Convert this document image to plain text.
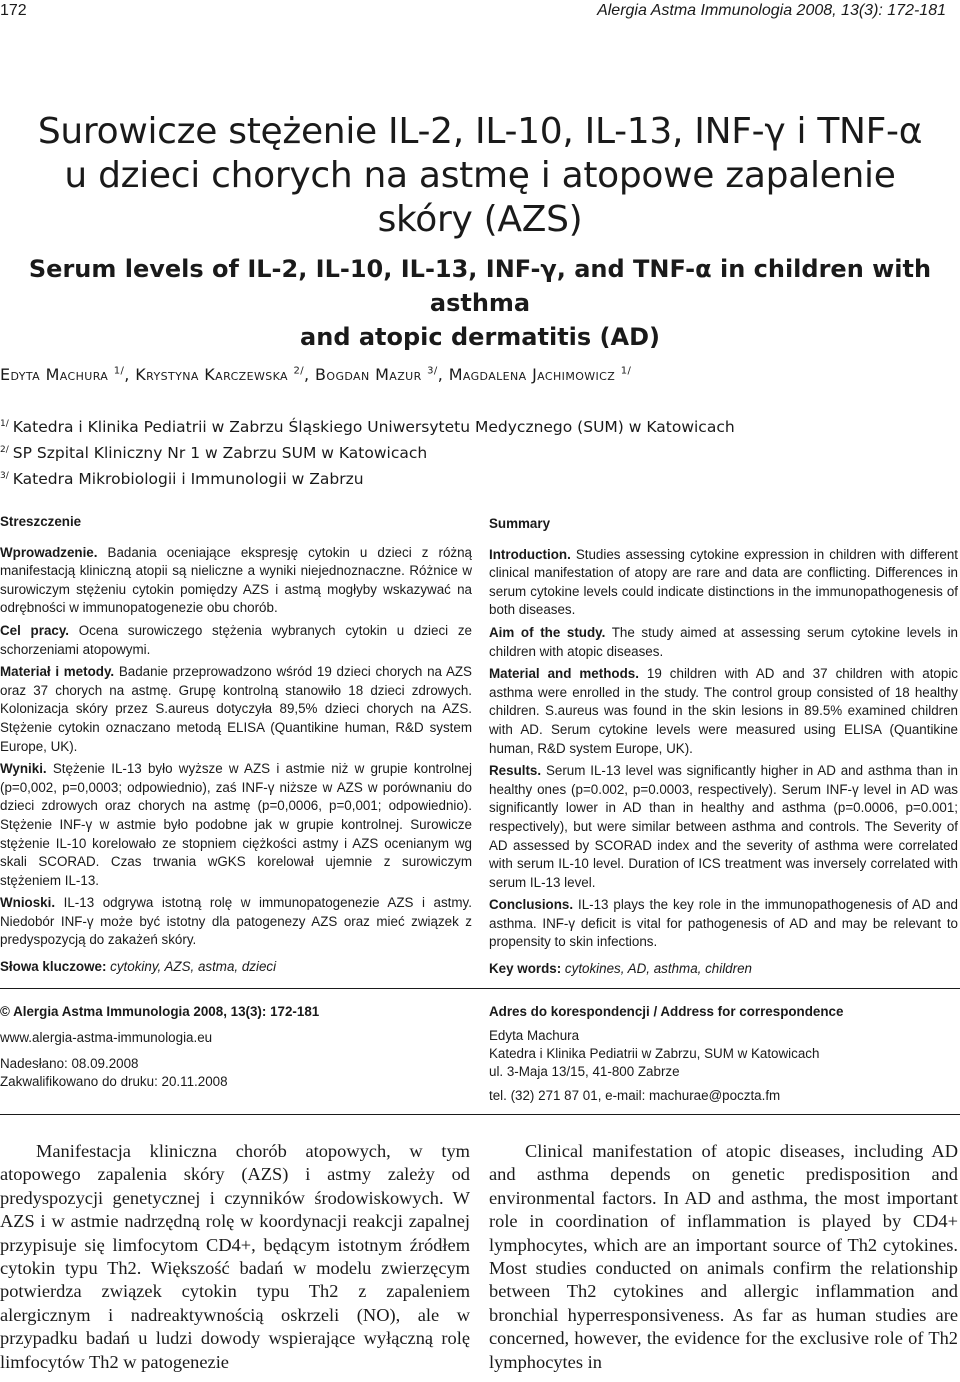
172	Alergia Astma Immunologia 2008, 13(3): 172-181
Surowicze stężenie IL-2, IL-10, IL-13, INF-γ i TNF-α
u dzieci chorych na astmę i atopowe zapalenie
skóry (AZS)
Serum levels of IL-2, IL-10, IL-13, INF-γ, and TNF-α in children with asthma
and atopic dermatitis (AD)
Edyta Machura $^{1/}$, Krystyna Karczewska $^{2/}$, Bogdan Mazur $^{3/}$, Magdalena Jachimowicz $^{1/}$
$^{1/}$ Katedra i Klinika Pediatrii w Zabrzu Śląskiego Uniwersytetu Medycznego (SUM) w Katowicach
$^{2/}$ SP Szpital Kliniczny Nr 1 w Zabrzu SUM w Katowicach
$^{3/}$ Katedra Mikrobiologii i Immunologii w Zabrzu

Streszczenie

Wprowadzenie. Badania oceniające ekspresję cytokin u dzieci z różną manifestacją kliniczną atopii są nieliczne a wyniki niejednoznaczne. Różnice w surowiczym stężeniu cytokin pomiędzy AZS i astmą mogłyby wskazywać na odrębności w immunopatogenezie obu chorób.

Cel pracy. Ocena surowiczego stężenia wybranych cytokin u dzieci ze schorzeniami atopowymi.

Materiał i metody. Badanie przeprowadzono wśród 19 dzieci chorych na AZS oraz 37 chorych na astmę. Grupę kontrolną stanowiło 18 dzieci zdrowych. Kolonizacja skóry przez S.aureus dotyczyła 89,5% dzieci chorych na AZS. Stężenie cytokin oznaczano metodą ELISA (Quantikine human, R&D system Europe, UK).

Wyniki. Stężenie IL-13 było wyższe w AZS i astmie niż w grupie kontrolnej (p=0,002, p=0,0003; odpowiednio), zaś INF-γ niższe w AZS w porównaniu do dzieci zdrowych oraz chorych na astmę (p=0,0006, p=0,001; odpowiednio). Stężenie INF-γ w astmie było podobne jak w grupie kontrolnej. Surowicze stężenie IL-10 korelowało ze stopniem ciężkości astmy i AZS ocenianym wg skali SCORAD. Czas trwania wGKS korelował ujemnie z surowiczym stężeniem IL-13.

Wnioski. IL-13 odgrywa istotną rolę w immunopatogenezie AZS i astmy. Niedobór INF-γ może być istotny dla patogenezy AZS oraz mieć związek z predyspozycją do zakażeń skóry.

Słowa kluczowe: cytokiny, AZS, astma, dzieci

Summary

Introduction. Studies assessing cytokine expression in children with different clinical manifestation of atopy are rare and data are conflicting. Differences in serum cytokine levels could indicate distinctions in the immunopathogenesis of both diseases.

Aim of the study. The study aimed at assessing serum cytokine levels in children with atopic diseases.

Material and methods. 19 children with AD and 37 children with atopic asthma were enrolled in the study. The control group consisted of 18 healthy children. S.aureus was found in the skin lesions in 89.5% examined children with AD. Serum cytokine levels were measured using ELISA (Quantikine human, R&D system Europe, UK).

Results. Serum IL-13 level was significantly higher in AD and asthma than in healthy ones (p=0.002, p=0.0003, respectively). Serum INF-γ level in AD was significantly lower in AD than in healthy and asthma (p=0.0006, p=0.001; respectively), but were similar between asthma and controls. The Severity of AD assessed by SCORAD index and the severity of asthma were correlated with serum IL-10 level. Duration of ICS treatment was inversely correlated with serum IL-13 level.

Conclusions. IL-13 plays the key role in the immunopathogenesis of AD and asthma. INF-γ deficit is vital for pathogenesis of AD and may be relevant to propensity to skin infections.

Key words: cytokines, AD, asthma, children

© Alergia Astma Immunologia 2008, 13(3): 172-181
www.alergia-astma-immunologia.eu
Nadesłano: 08.09.2008
Zakwalifikowano do druku: 20.11.2008
Adres do korespondencji / Address for correspondence
Edyta Machura
Katedra i Klinika Pediatrii w Zabrzu, SUM w Katowicach
ul. 3-Maja 13/15, 41-800 Zabrze
tel. (32) 271 87 01, e-mail: machurae@poczta.fm
Manifestacja kliniczna chorób atopowych, w tym atopowego zapalenia skóry (AZS) i astmy zależy od predyspozycji genetycznej i czynników środowiskowych. W AZS i w astmie nadrzędną rolę w koordynacji reakcji zapalnej przypisuje się limfocytom CD4+, będącym istotnym źródłem cytokin typu Th2. Większość badań w modelu zwierzęcym potwierdza związek cytokin typu Th2 z zapaleniem alergicznym i nadreaktywnością oskrzeli (NO), ale w przypadku badań u ludzi dowody wspierające wyłączną rolę limfocytów Th2 w patogenezie
Clinical manifestation of atopic diseases, including AD and asthma depends on genetic predisposition and environmental factors. In AD and asthma, the most important role in coordination of inflammation is played by CD4+ lymphocytes, which are an important source of Th2 cytokines. Most studies conducted on animals confirm the relationship between Th2 cytokines and allergic inflammation and bronchial hyperresponsiveness. As far as human studies are concerned, however, the evidence for the exclusive role of Th2 lymphocytes in
